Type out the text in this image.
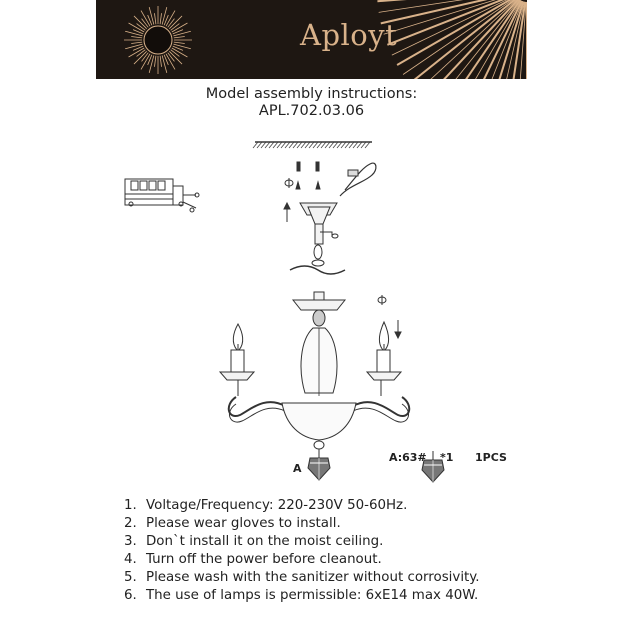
Aployt
Model assembly instructions:
APL.702.03.06
A:63# *1 1PCS
A
1. Voltage/Frequency: 220-230V 50-60Hz.
2. Please wear gloves to install.
3. Don`t install it on the moist ceiling.
4. Turn off the power before cleanout.
5. Please wash with the sanitizer without corrosivity.
6. The use of lamps is permissible: 6xE14 max 40W.
